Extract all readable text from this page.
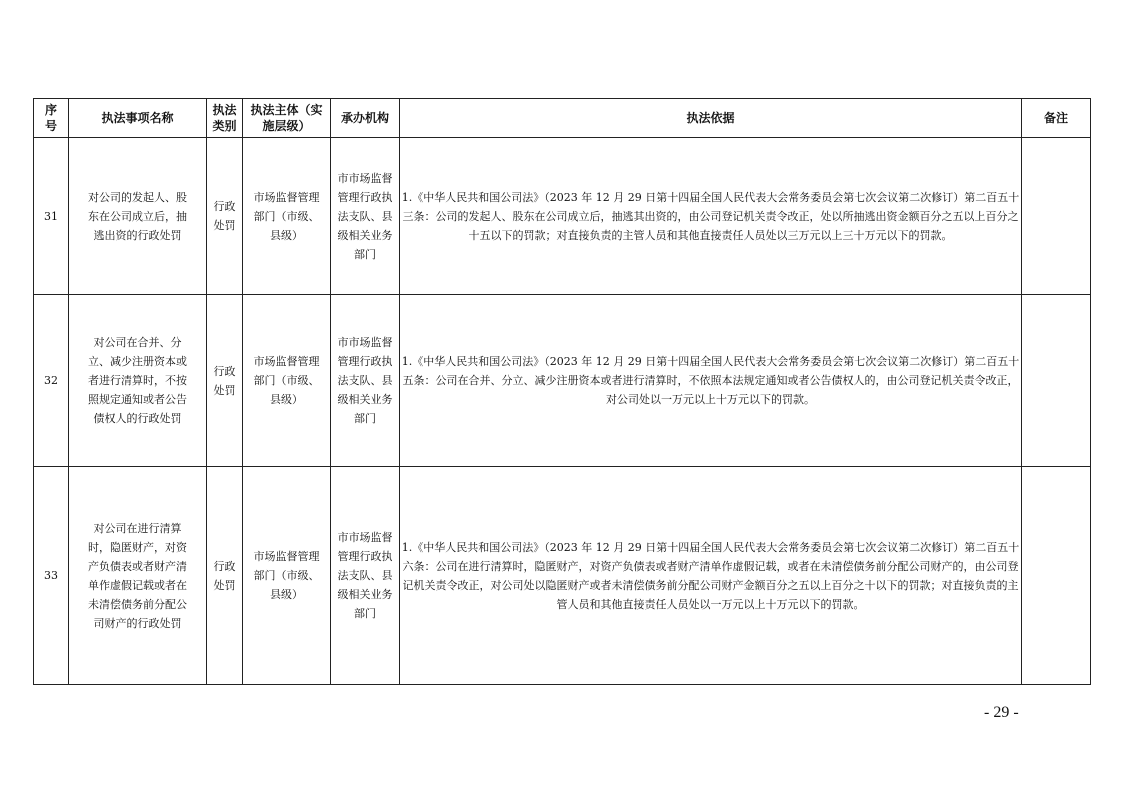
序号	执法事项名称	执法类别	执法主体（实施层级）	承办机构	执法依据	备注
31	对公司的发起人、股东在公司成立后，抽逃出资的行政处罚	行政处罚	市场监督管理部门（市级、县级）	市市场监督管理行政执法支队、县级相关业务部门	1.《中华人民共和国公司法》（2023 年 12 月 29 日第十四届全国人民代表大会常务委员会第七次会议第二次修订）第二百五十三条：公司的发起人、股东在公司成立后，抽逃其出资的，由公司登记机关责令改正，处以所抽逃出资金额百分之五以上百分之十五以下的罚款；对直接负责的主管人员和其他直接责任人员处以三万元以上三十万元以下的罚款。	
32	对公司在合并、分立、减少注册资本或者进行清算时，不按照规定通知或者公告债权人的行政处罚	行政处罚	市场监督管理部门（市级、县级）	市市场监督管理行政执法支队、县级相关业务部门	1.《中华人民共和国公司法》（2023 年 12 月 29 日第十四届全国人民代表大会常务委员会第七次会议第二次修订）第二百五十五条：公司在合并、分立、减少注册资本或者进行清算时，不依照本法规定通知或者公告债权人的，由公司登记机关责令改正，对公司处以一万元以上十万元以下的罚款。	
33	对公司在进行清算时，隐匿财产，对资产负债表或者财产清单作虚假记载或者在未清偿债务前分配公司财产的行政处罚	行政处罚	市场监督管理部门（市级、县级）	市市场监督管理行政执法支队、县级相关业务部门	1.《中华人民共和国公司法》（2023 年 12 月 29 日第十四届全国人民代表大会常务委员会第七次会议第二次修订）第二百五十六条：公司在进行清算时，隐匿财产，对资产负债表或者财产清单作虚假记载，或者在未清偿债务前分配公司财产的，由公司登记机关责令改正，对公司处以隐匿财产或者未清偿债务前分配公司财产金额百分之五以上百分之十以下的罚款；对直接负责的主管人员和其他直接责任人员处以一万元以上十万元以下的罚款。	
- 29 -
